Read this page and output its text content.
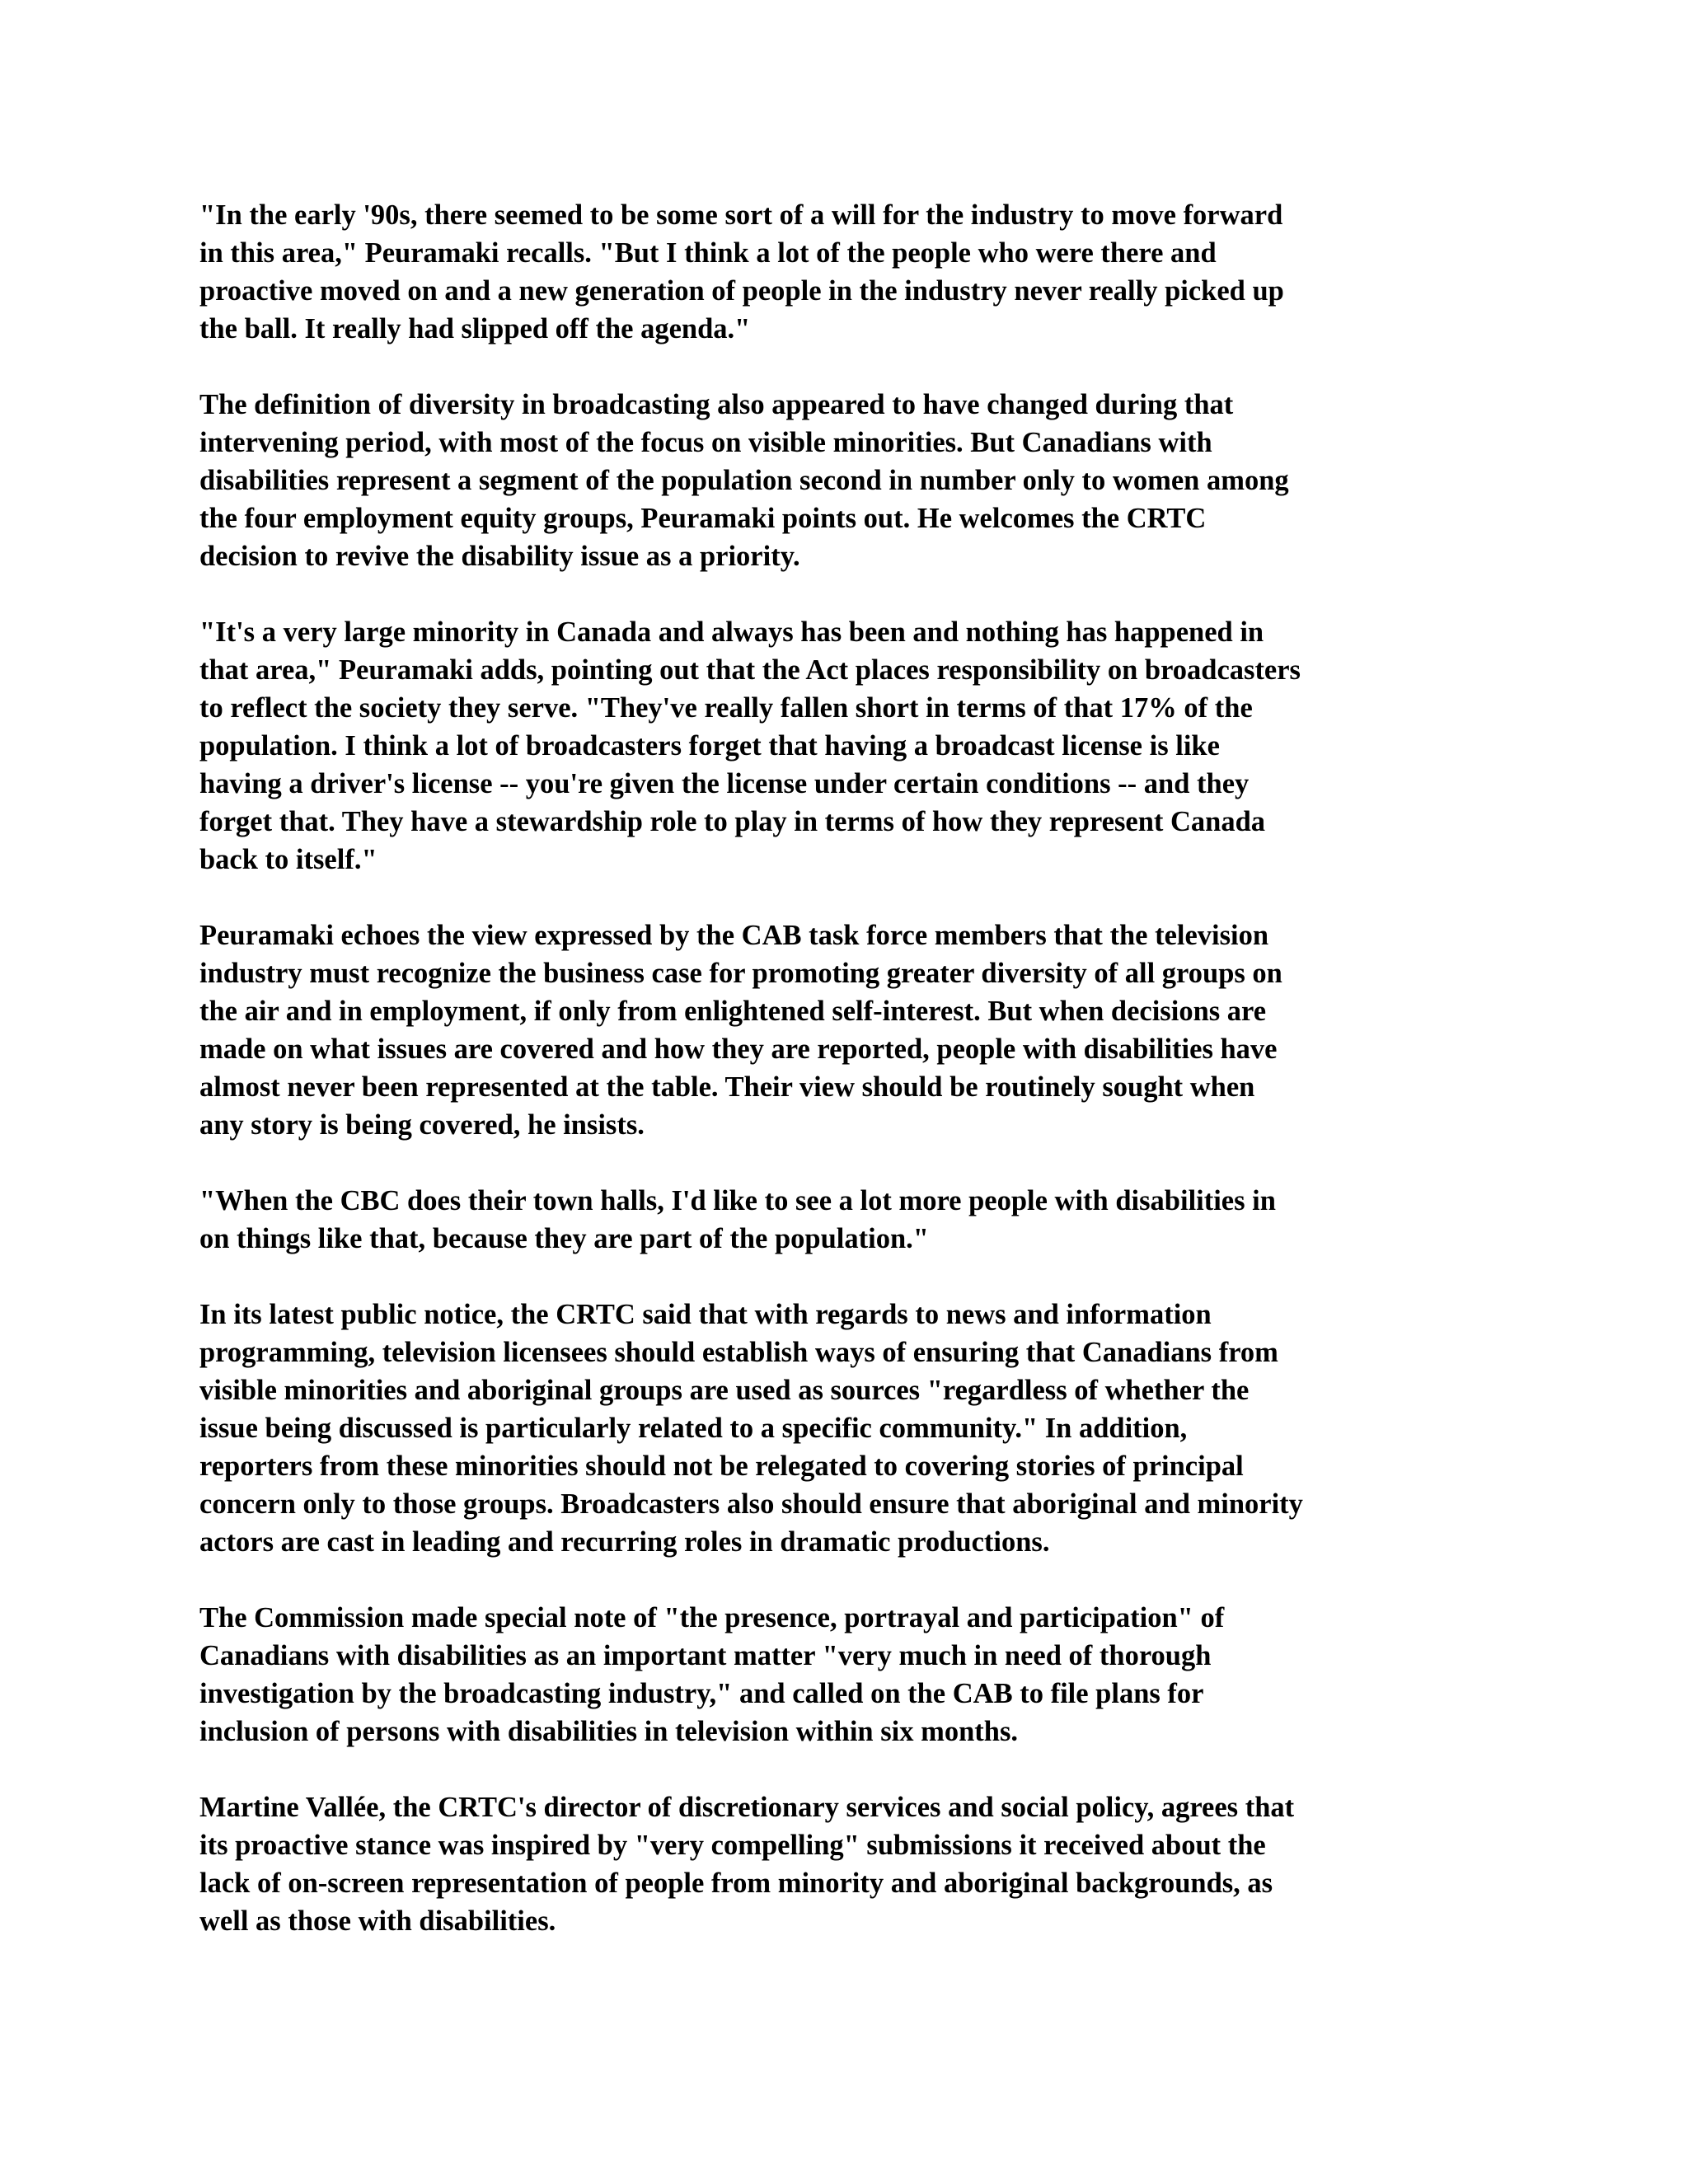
"In the early '90s, there seemed to be some sort of a will for the industry to move forward
in this area," Peuramaki recalls. "But I think a lot of the people who were there and
proactive moved on and a new generation of people in the industry never really picked up
the ball. It really had slipped off the agenda."
The definition of diversity in broadcasting also appeared to have changed during that
intervening period, with most of the focus on visible minorities. But Canadians with
disabilities represent a segment of the population second in number only to women among
the four employment equity groups, Peuramaki points out. He welcomes the CRTC
decision to revive the disability issue as a priority.
"It's a very large minority in Canada and always has been and nothing has happened in
that area," Peuramaki adds, pointing out that the Act places responsibility on broadcasters
to reflect the society they serve. "They've really fallen short in terms of that 17% of the
population. I think a lot of broadcasters forget that having a broadcast license is like
having a driver's license -- you're given the license under certain conditions -- and they
forget that. They have a stewardship role to play in terms of how they represent Canada
back to itself."
Peuramaki echoes the view expressed by the CAB task force members that the television
industry must recognize the business case for promoting greater diversity of all groups on
the air and in employment, if only from enlightened self-interest. But when decisions are
made on what issues are covered and how they are reported, people with disabilities have
almost never been represented at the table. Their view should be routinely sought when
any story is being covered, he insists.
"When the CBC does their town halls, I'd like to see a lot more people with disabilities in
on things like that, because they are part of the population."
In its latest public notice, the CRTC said that with regards to news and information
programming, television licensees should establish ways of ensuring that Canadians from
visible minorities and aboriginal groups are used as sources "regardless of whether the
issue being discussed is particularly related to a specific community." In addition,
reporters from these minorities should not be relegated to covering stories of principal
concern only to those groups. Broadcasters also should ensure that aboriginal and minority
actors are cast in leading and recurring roles in dramatic productions.
The Commission made special note of "the presence, portrayal and participation" of
Canadians with disabilities as an important matter "very much in need of thorough
investigation by the broadcasting industry," and called on the CAB to file plans for
inclusion of persons with disabilities in television within six months.
Martine Vallée, the CRTC's director of discretionary services and social policy, agrees that
its proactive stance was inspired by "very compelling" submissions it received about the
lack of on-screen representation of people from minority and aboriginal backgrounds, as
well as those with disabilities.
